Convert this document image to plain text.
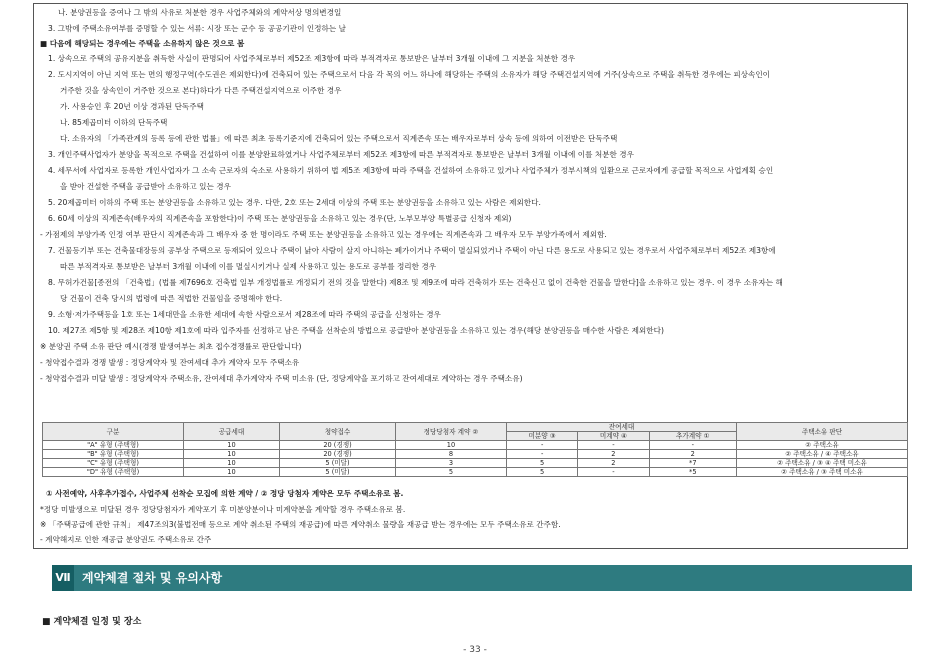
나. 분양권등을 증여나 그 밖의 사유로 처분한 경우 사업주체와의 계약서상 명의변경일
3. 그밖에 주택소유여부를 증명할 수 있는 서류: 시장 또는 군수 등 공공기관이 인정하는 날
■ 다음에 해당되는 경우에는 주택을 소유하지 않은 것으로 봄
1. 상속으로 주택의 공유지분을 취득한 사실이 판명되어 사업주체로부터 제52조 제3항에 따라 부적격자로 통보받은 날부터 3개월 이내에 그 지분을 처분한 경우
2. 도시지역이 아닌 지역 또는 면의 행정구역(수도권은 제외한다)에 건축되어 있는 주택으로서 다음 각 목의 어느 하나에 해당하는 주택의 소유자가 해당 주택건설지역에 거주(상속으로 주택을 취득한 경우에는 피상속인이
거주한 것을 상속인이 거주한 것으로 본다)하다가 다른 주택건설지역으로 이주한 경우
가. 사용승인 후 20년 이상 경과된 단독주택
나. 85제곱미터 이하의 단독주택
다. 소유자의 「가족관계의 등록 등에 관한 법률」에 따른 최초 등록기준지에 건축되어 있는 주택으로서 직계존속 또는 배우자로부터 상속 등에 의하여 이전받은 단독주택
3. 개인주택사업자가 분양을 목적으로 주택을 건설하여 이를 분양완료하였거나 사업주체로부터 제52조 제3항에 따른 부적격자로 통보받은 날부터 3개월 이내에 이를 처분한 경우
4. 세무서에 사업자로 등록한 개인사업자가 그 소속 근로자의 숙소로 사용하기 위하여 법 제5조 제3항에 따라 주택을 건설하여 소유하고 있거나 사업주체가 정부시책의 일환으로 근로자에게 공급할 목적으로 사업계획 승인
을 받아 건설한 주택을 공급받아 소유하고 있는 경우
5. 20제곱미터 이하의 주택 또는 분양권등을 소유하고 있는 경우. 다만, 2호 또는 2세대 이상의 주택 또는 분양권등을 소유하고 있는 사람은 제외한다.
6. 60세 이상의 직계존속(배우자의 직계존속을 포함한다)이 주택 또는 분양권등을 소유하고 있는 경우(단, 노부모부양 특별공급 신청자 제외)
- 가점제의 부양가족 인정 여부 판단시 직계존속과 그 배우자 중 한 명이라도 주택 또는 분양권등을 소유하고 있는 경우에는 직계존속과 그 배우자 모두 부양가족에서 제외함.
7. 건물등기부 또는 건축물대장등의 공부상 주택으로 등재되어 있으나 주택이 낡아 사람이 살지 아니하는 폐가이거나 주택이 멸실되었거나 주택이 아닌 다른 용도로 사용되고 있는 경우로서 사업주체로부터 제52조 제3항에
따른 부적격자로 통보받은 날부터 3개월 이내에 이를 멸실시키거나 실제 사용하고 있는 용도로 공부를 정리한 경우
8. 무허가건물[종전의 「건축법」(법률 제7696호 건축법 일부 개정법률로 개정되기 전의 것을 말한다) 제8조 및 제9조에 따라 건축허가 또는 건축신고 없이 건축한 건물을 말한다]을 소유하고 있는 경우. 이 경우 소유자는 해
당 건물이 건축 당시의 법령에 따른 적법한 건물임을 증명해야 한다.
9. 소형·저가주택등을 1호 또는 1세대만을 소유한 세대에 속한 사람으로서 제28조에 따라 주택의 공급을 신청하는 경우
10. 제27조 제5항 및 제28조 제10항 제1호에 따라 입주자를 선정하고 남은 주택을 선착순의 방법으로 공급받아 분양권등을 소유하고 있는 경우(해당 분양권등을 매수한 사람은 제외한다)
※ 분양권 주택 소유 판단 예시(경쟁 발생여부는 최초 접수경쟁률로 판단합니다)
- 청약접수결과 경쟁 발생 : 정당계약자 및 잔여세대 추가 계약자 모두 주택소유
- 청약접수결과 미달 발생 : 정당계약자 주택소유, 잔여세대 추가계약자 주택 미소유 (단, 정당계약을 포기하고 잔여세대로 계약하는 경우 주택소유)
구분	공급세대	청약접수	정당당첨자 계약 ②	잔여세대			주택소유 판단
				미분양 ③	미계약 ④	추가계약 ①	
"A" 유형 (주택형)	10	20 (경쟁)	10	-	-	-	② 주택소유
"B" 유형 (주택형)	10	20 (경쟁)	8	-	2	2	② 주택소유 / ④ 주택소유
"C" 유형 (주택형)	10	5 (미달)	3	5	2	*7	② 주택소유 / ③ ④ 주택 미소유
"D" 유형 (주택형)	10	5 (미달)	5	5	-	*5	② 주택소유 / ③ 주택 미소유
① 사전예약, 사후추가접수, 사업주체 선착순 모집에 의한 계약 / ② 정당 당첨자 계약은 모두 주택소유로 봄.
*정당 미발생으로 미달된 경우 정당당첨자가 계약포기 후 미분양분이나 미계약분을 계약할 경우 주택소유로 봄.
※ 「주택공급에 관한 규칙」 제47조의3(불법전매 등으로 계약 취소된 주택의 재공급)에 따른 계약취소 물량을 재공급 받는 경우에는 모두 주택소유로 간주함.
- 계약해지로 인한 재공급 분양권도 주택소유로 간주
Ⅶ 계약체결 절차 및 유의사항
■ 계약체결 일정 및 장소
- 33 -
